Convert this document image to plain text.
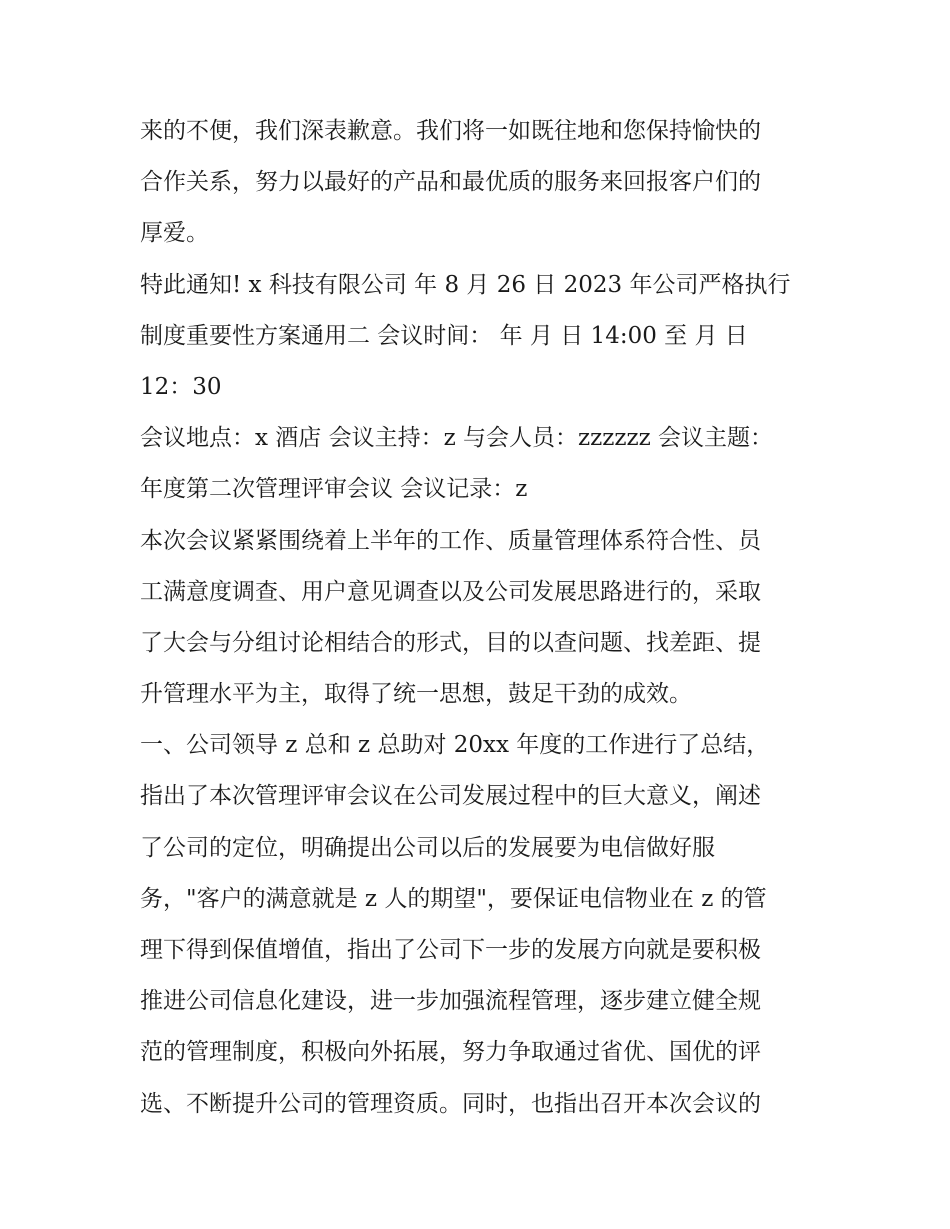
来的不便，我们深表歉意。我们将一如既往地和您保持愉快的
合作关系，努力以最好的产品和最优质的服务来回报客户们的
厚爱。
特此通知! x 科技有限公司 年 8 月 26 日 2023 年公司严格执行
制度重要性方案通用二 会议时间： 年 月 日 14:00 至 月 日
12：30
会议地点：x 酒店 会议主持：z 与会人员：zzzzzz 会议主题：
年度第二次管理评审会议 会议记录：z
本次会议紧紧围绕着上半年的工作、质量管理体系符合性、员
工满意度调查、用户意见调查以及公司发展思路进行的，采取
了大会与分组讨论相结合的形式，目的以查问题、找差距、提
升管理水平为主，取得了统一思想，鼓足干劲的成效。
一、公司领导 z 总和 z 总助对 20xx 年度的工作进行了总结，
指出了本次管理评审会议在公司发展过程中的巨大意义，阐述
了公司的定位，明确提出公司以后的发展要为电信做好服
务，"客户的满意就是 z 人的期望"，要保证电信物业在 z 的管
理下得到保值增值，指出了公司下一步的发展方向就是要积极
推进公司信息化建设，进一步加强流程管理，逐步建立健全规
范的管理制度，积极向外拓展，努力争取通过省优、国优的评
选、不断提升公司的管理资质。同时，也指出召开本次会议的
